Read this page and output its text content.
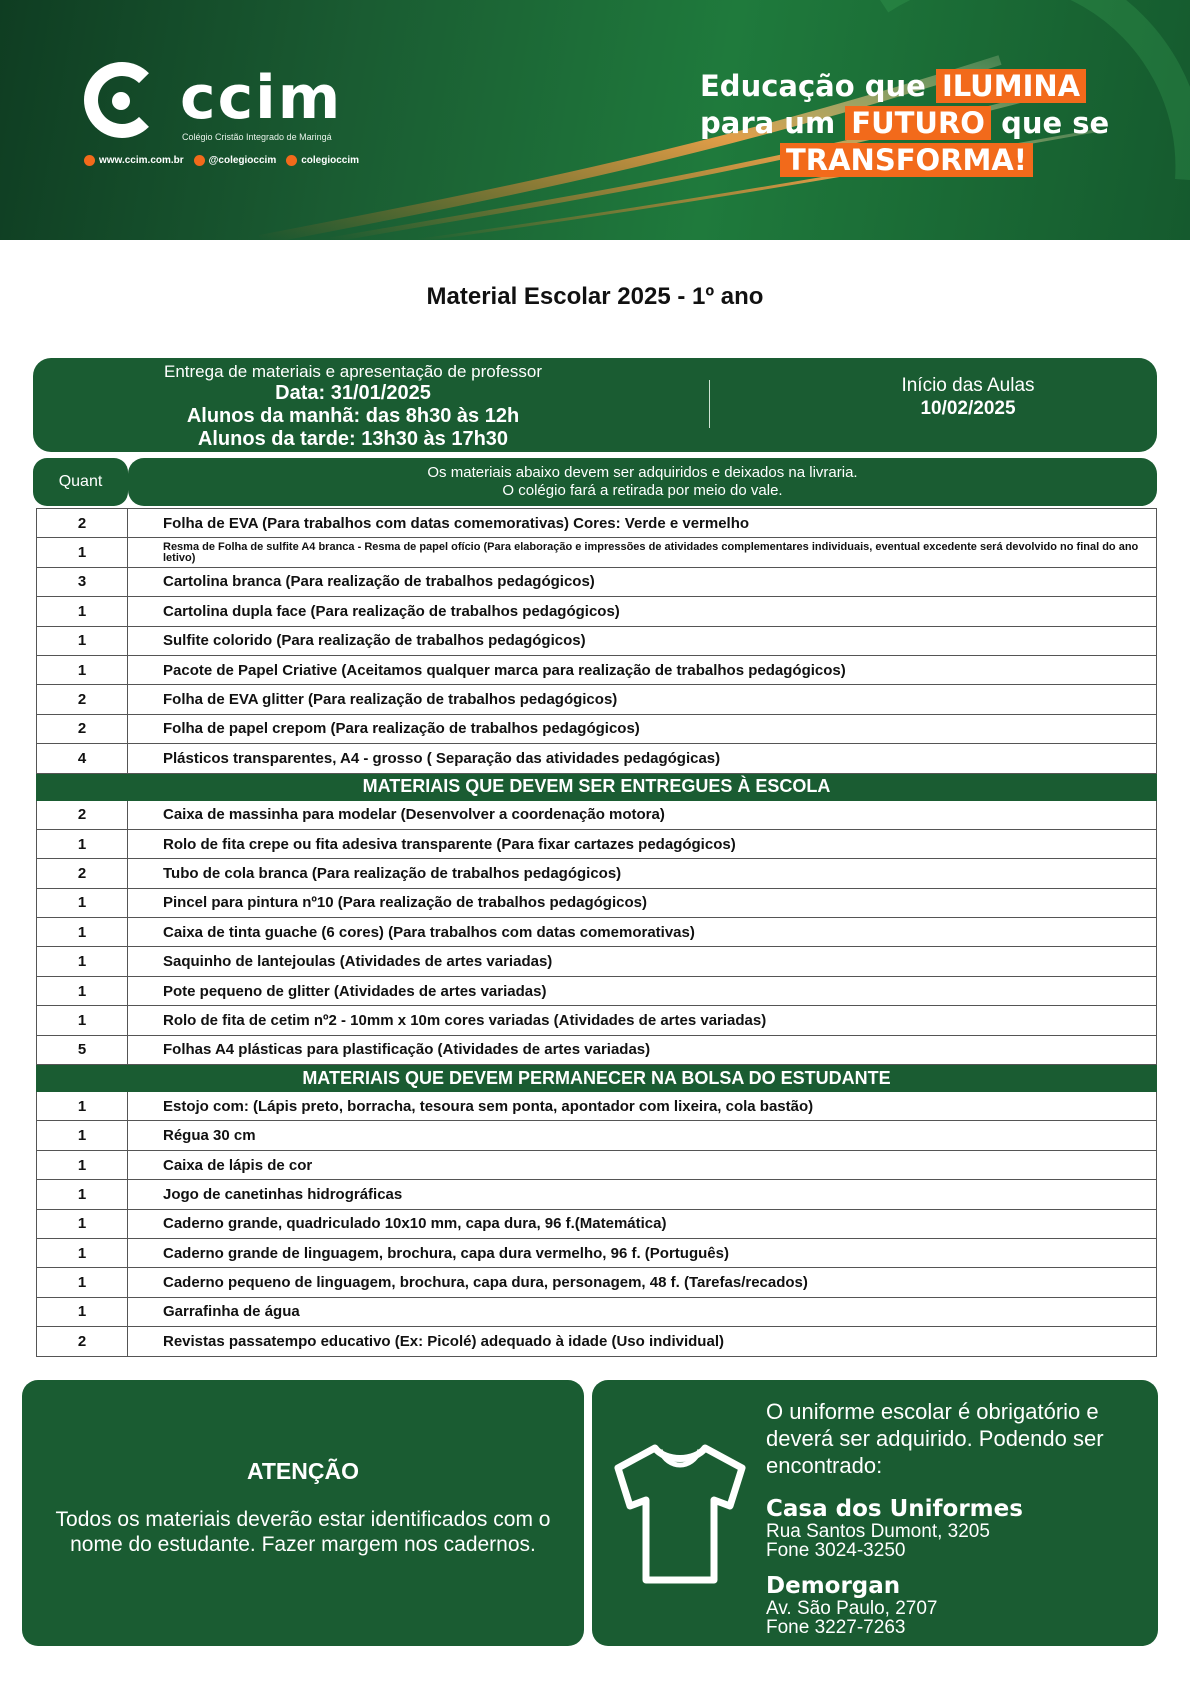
ccim
Colégio Cristão Integrado de Maringá
www.ccim.com.br	@colegioccim	colegioccim
Educação que ILUMINA
para um FUTURO que se
TRANSFORMA!
Material Escolar 2025 - 1º ano
Entrega de materiais e apresentação de professor
Data: 31/01/2025
Alunos da manhã: das 8h30 às 12h
Alunos da tarde: 13h30 às 17h30
Início das Aulas
10/02/2025
Quant
Os materiais abaixo devem ser adquiridos e deixados na livraria.
O colégio fará a retirada por meio do vale.
2	Folha de EVA (Para trabalhos com datas comemorativas) Cores: Verde e vermelho
1	Resma de Folha de sulfite A4 branca - Resma de papel ofício (Para elaboração e impressões de atividades complementares individuais, eventual excedente será devolvido no final do ano letivo)
3	Cartolina branca (Para realização de trabalhos pedagógicos)
1	Cartolina dupla face (Para realização de trabalhos pedagógicos)
1	Sulfite colorido (Para realização de trabalhos pedagógicos)
1	Pacote de Papel Criative (Aceitamos qualquer marca para realização de trabalhos pedagógicos)
2	Folha de EVA glitter (Para realização de trabalhos pedagógicos)
2	Folha de papel crepom (Para realização de trabalhos pedagógicos)
4	Plásticos transparentes, A4 - grosso ( Separação das atividades pedagógicas)
MATERIAIS QUE DEVEM SER ENTREGUES À ESCOLA	
2	Caixa de massinha para modelar (Desenvolver a coordenação motora)
1	Rolo de fita crepe ou fita adesiva transparente (Para fixar cartazes pedagógicos)
2	Tubo de cola branca (Para realização de trabalhos pedagógicos)
1	Pincel para pintura nº10 (Para realização de trabalhos pedagógicos)
1	Caixa de tinta guache (6 cores) (Para trabalhos com datas comemorativas)
1	Saquinho de lantejoulas (Atividades de artes variadas)
1	Pote pequeno de glitter (Atividades de artes variadas)
1	Rolo de fita de cetim nº2 - 10mm x 10m cores variadas (Atividades de artes variadas)
5	Folhas A4 plásticas para plastificação (Atividades de artes variadas)
MATERIAIS QUE DEVEM PERMANECER NA BOLSA DO ESTUDANTE	
1	Estojo com: (Lápis preto, borracha, tesoura sem ponta, apontador com lixeira, cola bastão)
1	Régua 30 cm
1	Caixa de lápis de cor
1	Jogo de canetinhas hidrográficas
1	Caderno grande, quadriculado 10x10 mm, capa dura, 96 f.(Matemática)
1	Caderno grande de linguagem, brochura, capa dura vermelho, 96 f. (Português)
1	Caderno pequeno de linguagem, brochura, capa dura, personagem, 48 f. (Tarefas/recados)
1	Garrafinha de água
2	Revistas passatempo educativo (Ex: Picolé) adequado à idade (Uso individual)
ATENÇÃO
Todos os materiais deverão estar identificados com o nome do estudante. Fazer margem nos cadernos.
O uniforme escolar é obrigatório e deverá ser adquirido. Podendo ser encontrado:
Casa dos Uniformes
Rua Santos Dumont, 3205
Fone 3024-3250
Demorgan
Av. São Paulo, 2707
Fone 3227-7263
